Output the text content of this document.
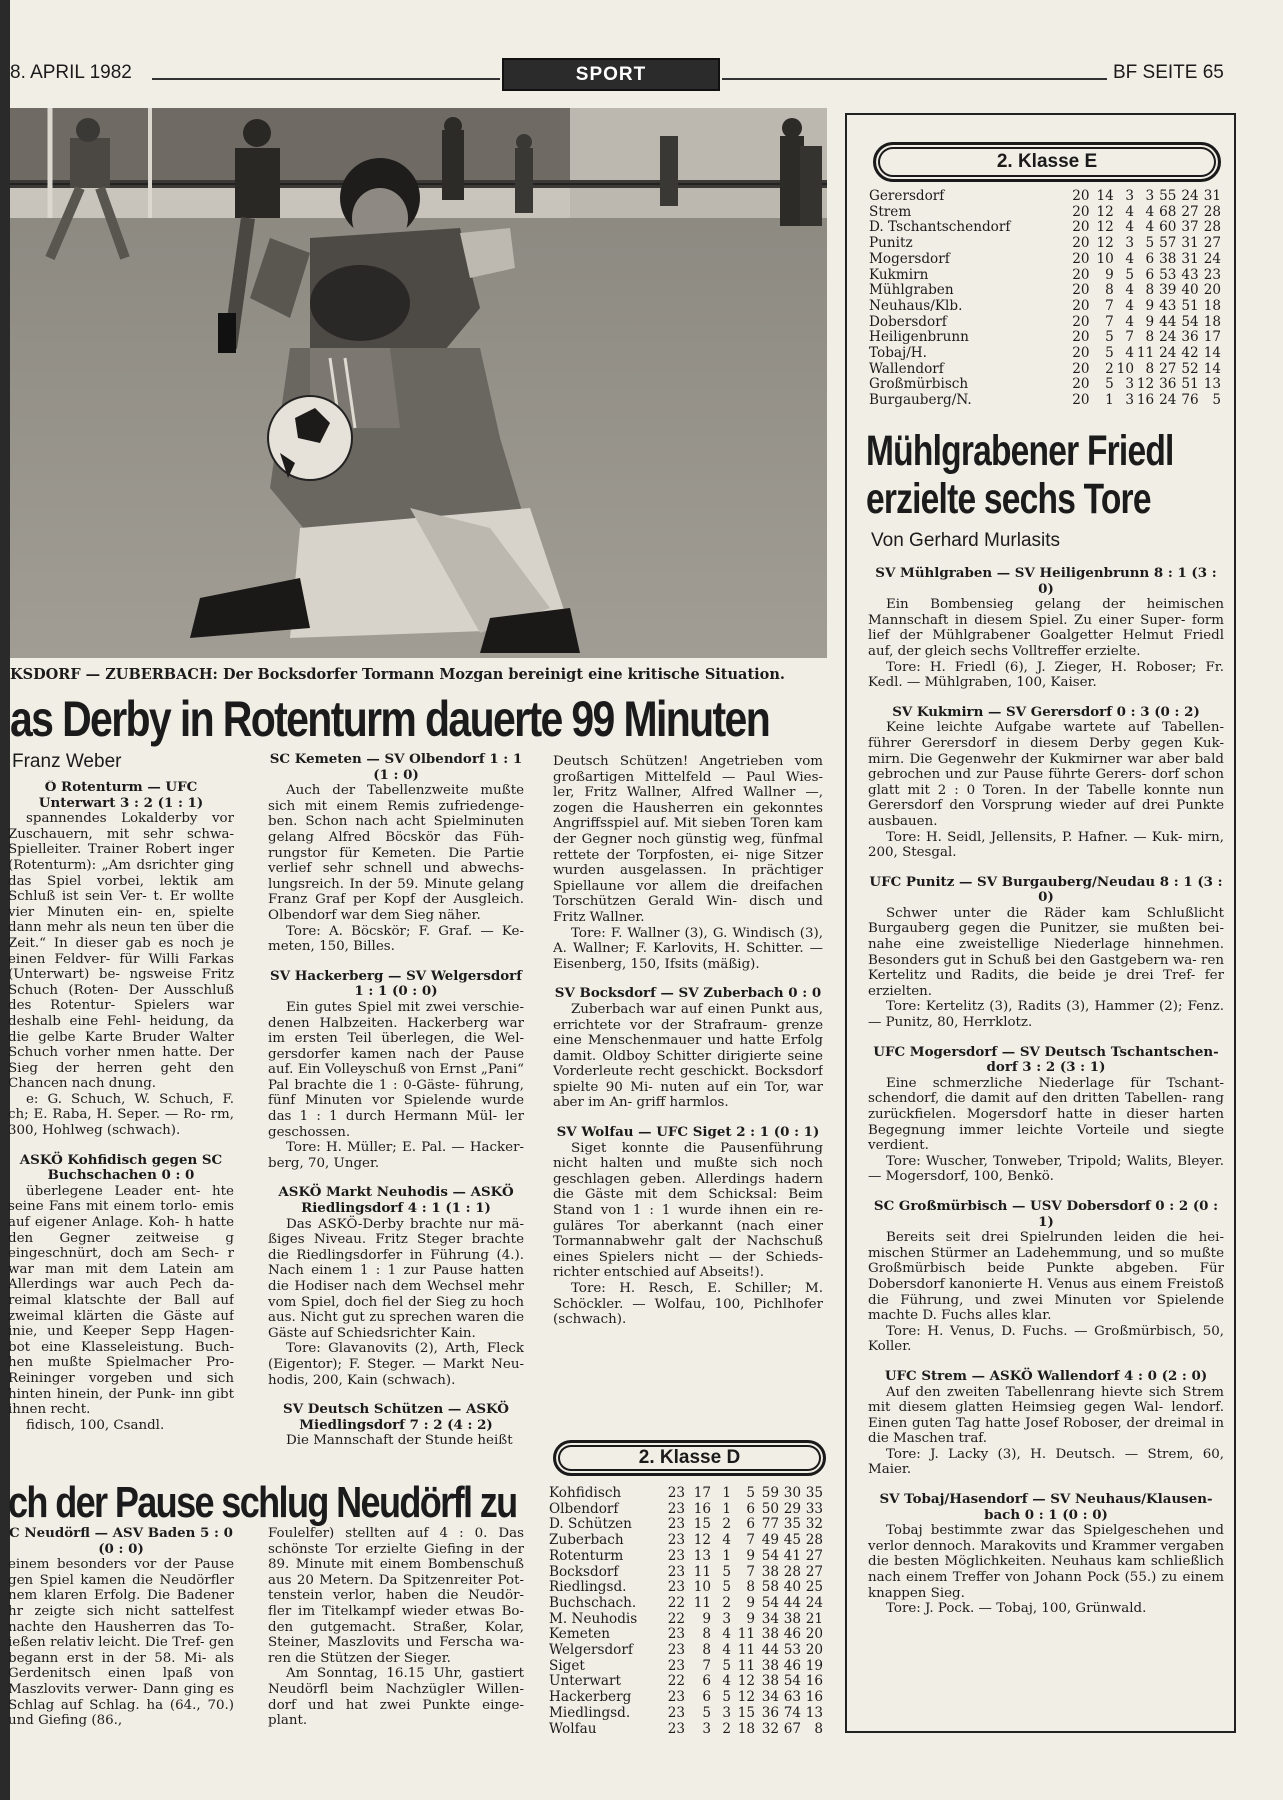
8. APRIL 1982	SPORT	BF SEITE 65
KSDORF — ZUBERBACH: Der Bocksdorfer Tormann Mozgan bereinigt eine kritische Situation.
as Derby in Rotenturm dauerte 99 Minuten
Franz Weber

Ö Rotenturm — UFC Unterwart 3 : 2 (1 : 1)

spannendes Lokalderby vor Zuschauern, mit sehr schwa- Spielleiter. Trainer Robert inger (Rotenturm): „Am dsrichter ging das Spiel vorbei, lektik am Schluß ist sein Ver- t. Er wollte vier Minuten ein- en, spielte dann mehr als neun ten über die Zeit.“ In dieser gab es noch je einen Feldver- für Willi Farkas (Unterwart) be- ngsweise Fritz Schuch (Roten- Der Ausschluß des Rotentur- Spielers war deshalb eine Fehl- heidung, da die gelbe Karte Bruder Walter Schuch vorher nmen hatte. Der Sieg der herren geht den Chancen nach dnung.

e: G. Schuch, W. Schuch, F. ch; E. Raba, H. Seper. — Ro- rm, 300, Hohlweg (schwach).

ASKÖ Kohfidisch gegen SC Buchschachen 0 : 0

überlegene Leader ent- hte seine Fans mit einem torlo- emis auf eigener Anlage. Koh- h hatte den Gegner zeitweise g eingeschnürt, doch am Sech- r war man mit dem Latein am Allerdings war auch Pech da- reimal klatschte der Ball auf zweimal klärten die Gäste auf inie, und Keeper Sepp Hagen- bot eine Klasseleistung. Buch- hen mußte Spielmacher Pro- Reininger vorgeben und sich hinten hinein, der Punk- inn gibt ihnen recht.

fidisch, 100, Csandl.

SC Kemeten — SV Olbendorf 1 : 1 (1 : 0)

Auch der Tabellenzweite mußte sich mit einem Remis zufriedenge- ben. Schon nach acht Spielminuten gelang Alfred Böcskör das Füh- rungstor für Kemeten. Die Partie verlief sehr schnell und abwechs- lungsreich. In der 59. Minute gelang Franz Graf per Kopf der Ausgleich. Olbendorf war dem Sieg näher.

Tore: A. Böcskör; F. Graf. — Ke- meten, 150, Billes.

SV Hackerberg — SV Welgersdorf 1 : 1 (0 : 0)

Ein gutes Spiel mit zwei verschie- denen Halbzeiten. Hackerberg war im ersten Teil überlegen, die Wel- gersdorfer kamen nach der Pause auf. Ein Volleyschuß von Ernst „Pani“ Pal brachte die 1 : 0-Gäste- führung, fünf Minuten vor Spielende wurde das 1 : 1 durch Hermann Mül- ler geschossen.

Tore: H. Müller; E. Pal. — Hacker- berg, 70, Unger.

ASKÖ Markt Neuhodis — ASKÖ Riedlingsdorf 4 : 1 (1 : 1)

Das ASKÖ-Derby brachte nur mä- ßiges Niveau. Fritz Steger brachte die Riedlingsdorfer in Führung (4.). Nach einem 1 : 1 zur Pause hatten die Hodiser nach dem Wechsel mehr vom Spiel, doch fiel der Sieg zu hoch aus. Nicht gut zu sprechen waren die Gäste auf Schiedsrichter Kain.

Tore: Glavanovits (2), Arth, Fleck (Eigentor); F. Steger. — Markt Neu- hodis, 200, Kain (schwach).

SV Deutsch Schützen — ASKÖ Miedlingsdorf 7 : 2 (4 : 2)

Die Mannschaft der Stunde heißt

Deutsch Schützen! Angetrieben vom großartigen Mittelfeld — Paul Wies- ler, Fritz Wallner, Alfred Wallner —, zogen die Hausherren ein gekonntes Angriffsspiel auf. Mit sieben Toren kam der Gegner noch günstig weg, fünfmal rettete der Torpfosten, ei- nige Sitzer wurden ausgelassen. In prächtiger Spiellaune vor allem die dreifachen Torschützen Gerald Win- disch und Fritz Wallner.

Tore: F. Wallner (3), G. Windisch (3), A. Wallner; F. Karlovits, H. Schitter. — Eisenberg, 150, Ifsits (mäßig).

SV Bocksdorf — SV Zuberbach 0 : 0

Zuberbach war auf einen Punkt aus, errichtete vor der Strafraum- grenze eine Menschenmauer und hatte Erfolg damit. Oldboy Schitter dirigierte seine Vorderleute recht geschickt. Bocksdorf spielte 90 Mi- nuten auf ein Tor, war aber im An- griff harmlos.

SV Wolfau — UFC Siget 2 : 1 (0 : 1)

Siget konnte die Pausenführung nicht halten und mußte sich noch geschlagen geben. Allerdings hadern die Gäste mit dem Schicksal: Beim Stand von 1 : 1 wurde ihnen ein re- guläres Tor aberkannt (nach einer Tormannabwehr galt der Nachschuß eines Spielers nicht — der Schieds- richter entschied auf Abseits!).

Tore: H. Resch, E. Schiller; M. Schöckler. — Wolfau, 100, Pichlhofer (schwach).

2. Klasse D
Kohfidisch	23	17	1	5	59	30	35
Olbendorf	23	16	1	6	50	29	33
D. Schützen	23	15	2	6	77	35	32
Zuberbach	23	12	4	7	49	45	28
Rotenturm	23	13	1	9	54	41	27
Bocksdorf	23	11	5	7	38	28	27
Riedlingsd.	23	10	5	8	58	40	25
Buchschach.	22	11	2	9	54	44	24
M. Neuhodis	22	9	3	9	34	38	21
Kemeten	23	8	4	11	38	46	20
Welgersdorf	23	8	4	11	44	53	20
Siget	23	7	5	11	38	46	19
Unterwart	22	6	4	12	38	54	16
Hackerberg	23	6	5	12	34	63	16
Miedlingsd.	23	5	3	15	36	74	13
Wolfau	23	3	2	18	32	67	8
ch der Pause schlug Neudörfl zu

C Neudörfl — ASV Baden 5 : 0 (0 : 0)

einem besonders vor der Pause gen Spiel kamen die Neudörfler nem klaren Erfolg. Die Badener hr zeigte sich nicht sattelfest nachte den Hausherren das To- ießen relativ leicht. Die Tref- gen begann erst in der 58. Mi- als Gerdenitsch einen lpaß von Maszlovits verwer- Dann ging es Schlag auf Schlag. ha (64., 70.) und Giefing (86.,

Foulelfer) stellten auf 4 : 0. Das schönste Tor erzielte Giefing in der 89. Minute mit einem Bombenschuß aus 20 Metern. Da Spitzenreiter Pot- tenstein verlor, haben die Neudör- fler im Titelkampf wieder etwas Bo- den gutgemacht. Straßer, Kolar, Steiner, Maszlovits und Ferscha wa- ren die Stützen der Sieger.

Am Sonntag, 16.15 Uhr, gastiert Neudörfl beim Nachzügler Willen- dorf und hat zwei Punkte einge- plant.

2. Klasse E
Gerersdorf	20	14	3	3	55	24	31
Strem	20	12	4	4	68	27	28
D. Tschantschendorf	20	12	4	4	60	37	28
Punitz	20	12	3	5	57	31	27
Mogersdorf	20	10	4	6	38	31	24
Kukmirn	20	9	5	6	53	43	23
Mühlgraben	20	8	4	8	39	40	20
Neuhaus/Klb.	20	7	4	9	43	51	18
Dobersdorf	20	7	4	9	44	54	18
Heiligenbrunn	20	5	7	8	24	36	17
Tobaj/H.	20	5	4	11	24	42	14
Wallendorf	20	2	10	8	27	52	14
Großmürbisch	20	5	3	12	36	51	13
Burgauberg/N.	20	1	3	16	24	76	5
Mühlgrabener Friedl
erzielte sechs Tore
Von Gerhard Murlasits

SV Mühlgraben — SV Heiligenbrunn 8 : 1 (3 : 0)

Ein Bombensieg gelang der heimischen Mannschaft in diesem Spiel. Zu einer Super- form lief der Mühlgrabener Goalgetter Helmut Friedl auf, der gleich sechs Volltreffer erzielte.

Tore: H. Friedl (6), J. Zieger, H. Roboser; Fr. Kedl. — Mühlgraben, 100, Kaiser.

SV Kukmirn — SV Gerersdorf 0 : 3 (0 : 2)

Keine leichte Aufgabe wartete auf Tabellen- führer Gerersdorf in diesem Derby gegen Kuk- mirn. Die Gegenwehr der Kukmirner war aber bald gebrochen und zur Pause führte Gerers- dorf schon glatt mit 2 : 0 Toren. In der Tabelle konnte nun Gerersdorf den Vorsprung wieder auf drei Punkte ausbauen.

Tore: H. Seidl, Jellensits, P. Hafner. — Kuk- mirn, 200, Stesgal.

UFC Punitz — SV Burgauberg/Neudau 8 : 1 (3 : 0)

Schwer unter die Räder kam Schlußlicht Burgauberg gegen die Punitzer, sie mußten bei- nahe eine zweistellige Niederlage hinnehmen. Besonders gut in Schuß bei den Gastgebern wa- ren Kertelitz und Radits, die beide je drei Tref- fer erzielten.

Tore: Kertelitz (3), Radits (3), Hammer (2); Fenz. — Punitz, 80, Herrklotz.

UFC Mogersdorf — SV Deutsch Tschantschen- dorf 3 : 2 (3 : 1)

Eine schmerzliche Niederlage für Tschant- schendorf, die damit auf den dritten Tabellen- rang zurückfielen. Mogersdorf hatte in dieser harten Begegnung immer leichte Vorteile und siegte verdient.

Tore: Wuscher, Tonweber, Tripold; Walits, Bleyer. — Mogersdorf, 100, Benkö.

SC Großmürbisch — USV Dobersdorf 0 : 2 (0 : 1)

Bereits seit drei Spielrunden leiden die hei- mischen Stürmer an Ladehemmung, und so mußte Großmürbisch beide Punkte abgeben. Für Dobersdorf kanonierte H. Venus aus einem Freistoß die Führung, und zwei Minuten vor Spielende machte D. Fuchs alles klar.

Tore: H. Venus, D. Fuchs. — Großmürbisch, 50, Koller.

UFC Strem — ASKÖ Wallendorf 4 : 0 (2 : 0)

Auf den zweiten Tabellenrang hievte sich Strem mit diesem glatten Heimsieg gegen Wal- lendorf. Einen guten Tag hatte Josef Roboser, der dreimal in die Maschen traf.

Tore: J. Lacky (3), H. Deutsch. — Strem, 60, Maier.

SV Tobaj/Hasendorf — SV Neuhaus/Klausen- bach 0 : 1 (0 : 0)

Tobaj bestimmte zwar das Spielgeschehen und verlor dennoch. Marakovits und Krammer vergaben die besten Möglichkeiten. Neuhaus kam schließlich nach einem Treffer von Johann Pock (55.) zu einem knappen Sieg.

Tore: J. Pock. — Tobaj, 100, Grünwald.
